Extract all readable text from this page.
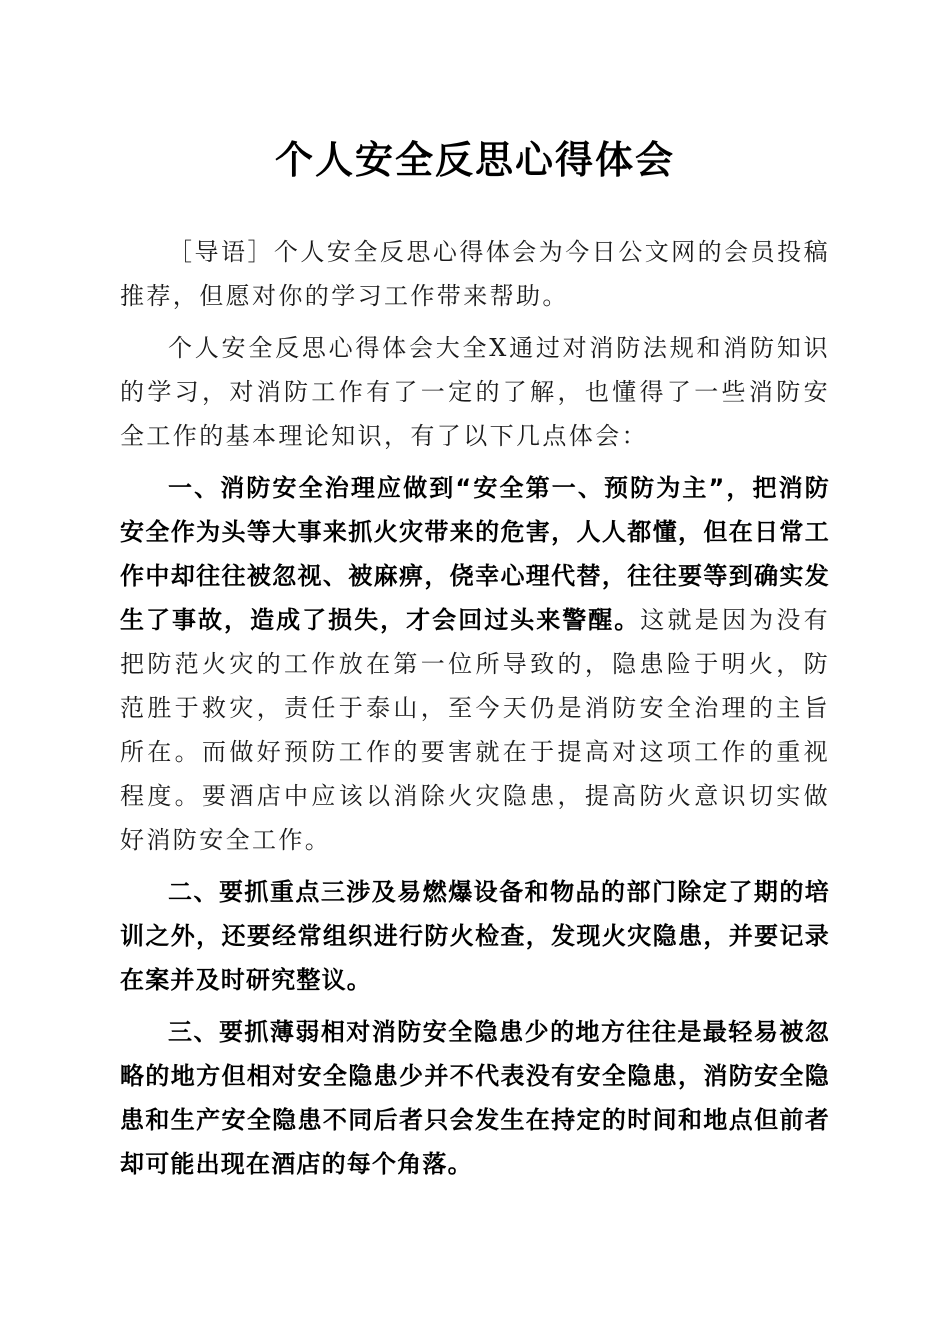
个人安全反思心得体会

［导语］个人安全反思心得体会为今日公文网的会员投稿推荐，但愿对你的学习工作带来帮助。

个人安全反思心得体会大全X通过对消防法规和消防知识的学习，对消防工作有了一定的了解，也懂得了一些消防安全工作的基本理论知识，有了以下几点体会：

一、消防安全治理应做到“安全第一、预防为主”，把消防安全作为头等大事来抓火灾带来的危害，人人都懂，但在日常工作中却往往被忽视、被麻痹，侥幸心理代替，往往要等到确实发生了事故，造成了损失，才会回过头来警醒。这就是因为没有把防范火灾的工作放在第一位所导致的，隐患险于明火，防范胜于救灾，责任于泰山，至今天仍是消防安全治理的主旨所在。而做好预防工作的要害就在于提高对这项工作的重视程度。要酒店中应该以消除火灾隐患，提高防火意识切实做好消防安全工作。

二、要抓重点三涉及易燃爆设备和物品的部门除定了期的培训之外，还要经常组织进行防火检查，发现火灾隐患，并要记录在案并及时研究整议。

三、要抓薄弱相对消防安全隐患少的地方往往是最轻易被忽略的地方但相对安全隐患少并不代表没有安全隐患，消防安全隐患和生产安全隐患不同后者只会发生在持定的时间和地点但前者却可能出现在酒店的每个角落。
